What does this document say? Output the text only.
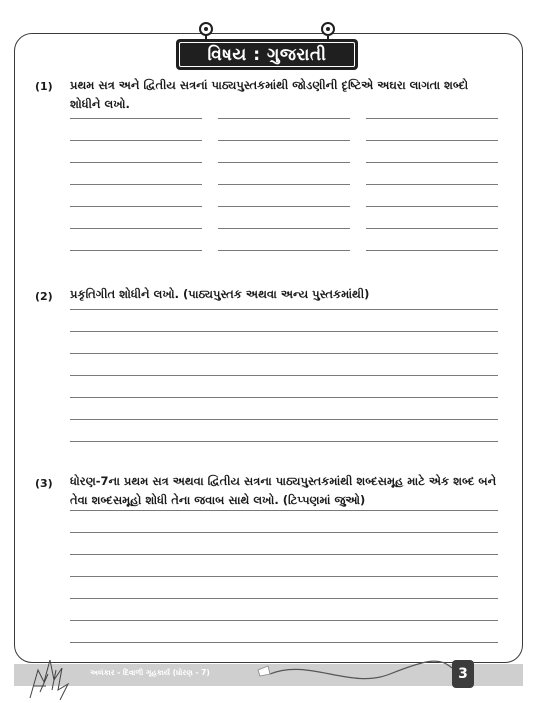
વિષય : ગુજરાતી
(1) પ્રથમ સત્ર અને દ્વિતીય સત્રનાં પાઠ્યપુસ્તકમાંથી જોડણીની દૃષ્ટિએ અઘરા લાગતા શબ્દો શોધીને લખો.
(2) પ્રકૃતિગીત શોધીને લખો. (પાઠ્યપુસ્તક અથવા અન્ય પુસ્તકમાંથી)
(3) ધોરણ-7ના પ્રથમ સત્ર અથવા દ્વિતીય સત્રના પાઠ્યપુસ્તકમાંથી શબ્દસમૂહ માટે એક શબ્દ બને તેવા શબ્દસમૂહો શોધી તેના જવાબ સાથે લખો. (ટિપ્પણમાં જુઓ)
અલંકાર - દિવાળી ગૃહકાર્ય (ધોરણ - 7)	3
